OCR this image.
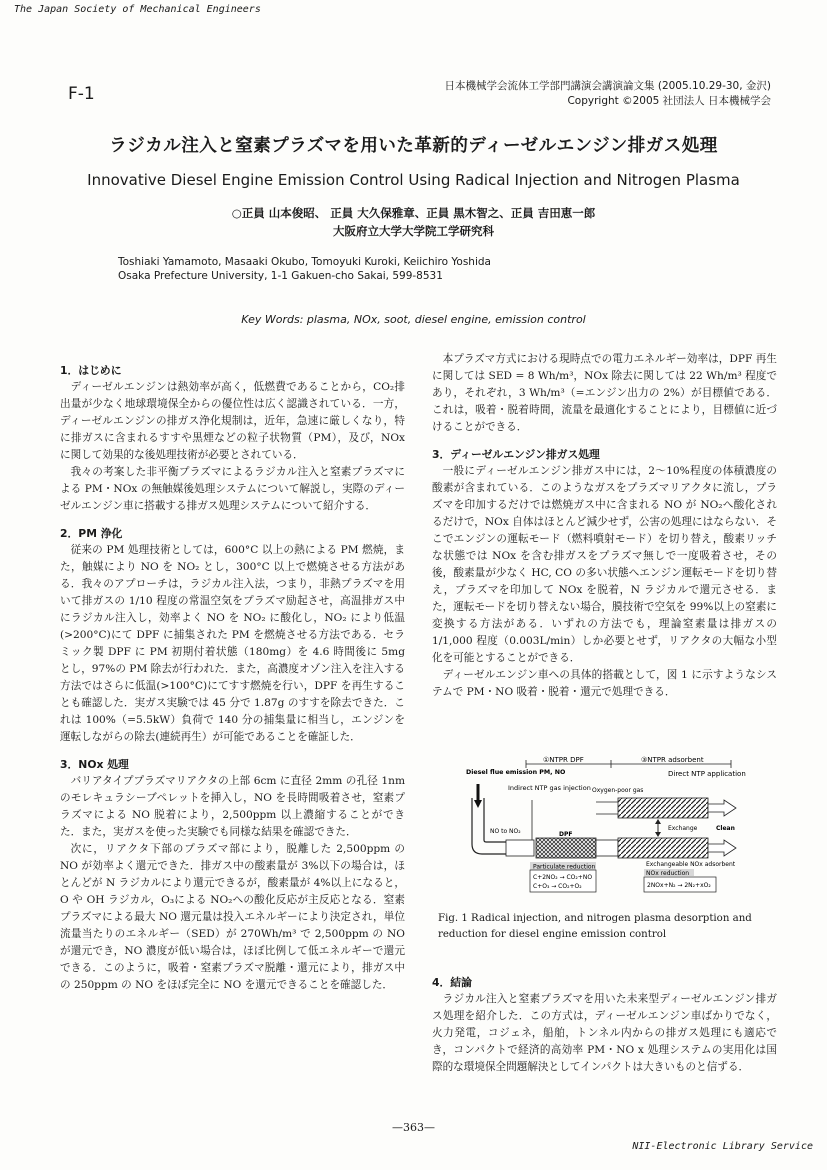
The Japan Society of Mechanical Engineers
F-1	日本機械学会流体工学部門講演会講演論文集 (2005.10.29-30, 金沢)
Copyright ©2005 社団法人 日本機械学会
ラジカル注入と窒素プラズマを用いた革新的ディーゼルエンジン排ガス処理
Innovative Diesel Engine Emission Control Using Radical Injection and Nitrogen Plasma
○正員 山本俊昭、 正員 大久保雅章、正員 黒木智之、正員 吉田恵一郎
大阪府立大学大学院工学研究科
Toshiaki Yamamoto, Masaaki Okubo, Tomoyuki Kuroki, Keiichiro Yoshida
Osaka Prefecture University, 1-1 Gakuen-cho Sakai, 599-8531
Key Words: plasma, NOx, soot, diesel engine, emission control

1．はじめに

ディーゼルエンジンは熱効率が高く，低燃費であることから，CO₂排出量が少なく地球環境保全からの優位性は広く認識されている．一方，ディーゼルエンジンの排ガス浄化規制は，近年，急速に厳しくなり，特に排ガスに含まれるすすや黒煙などの粒子状物質（PM），及び，NOx に関して効果的な後処理技術が必要とされている．

我々の考案した非平衡プラズマによるラジカル注入と窒素プラズマによる PM・NOx の無触媒後処理システムについて解説し，実際のディーゼルエンジン車に搭載する排ガス処理システムについて紹介する．

2．PM 浄化

従来の PM 処理技術としては，600°C 以上の熱による PM 燃焼，また，触媒により NO を NO₂ とし，300°C 以上で燃焼させる方法がある．我々のアプローチは，ラジカル注入法，つまり，非熱プラズマを用いて排ガスの 1/10 程度の常温空気をプラズマ励起させ，高温排ガス中にラジカル注入し，効率よく NO を NO₂ に酸化し，NO₂ により低温(>200°C)にて DPF に捕集された PM を燃焼させる方法である．セラミック製 DPF に PM 初期付着状態（180mg）を 4.6 時間後に 5mg とし，97%の PM 除去が行われた．また，高濃度オゾン注入を注入する方法ではさらに低温(>100°C)にてすす燃焼を行い，DPF を再生することも確認した．実ガス実験では 45 分で 1.87g のすすを除去できた．これは 100%（=5.5kW）負荷で 140 分の捕集量に相当し，エンジンを運転しながらの除去(連続再生）が可能であることを確証した．

3．NOx 処理

バリアタイププラズマリアクタの上部 6cm に直径 2mm の孔径 1nm のモレキュラシーブペレットを挿入し，NO を長時間吸着させ，窒素プラズマによる NO 脱着により，2,500ppm 以上濃縮することができた．また，実ガスを使った実験でも同様な結果を確認できた．

次に，リアクタ下部のプラズマ部により，脱離した 2,500ppm の NO が効率よく還元できた．排ガス中の酸素量が 3%以下の場合は，ほとんどが N ラジカルにより還元できるが，酸素量が 4%以上になると，O や OH ラジカル，O₃による NO₂への酸化反応が主反応となる．窒素プラズマによる最大 NO 還元量は投入エネルギーにより決定され，単位流量当たりのエネルギー（SED）が 270Wh/m³ で 2,500ppm の NO が還元でき，NO 濃度が低い場合は，ほぼ比例して低エネルギーで還元できる．このように，吸着・窒素プラズマ脱離・還元により，排ガス中の 250ppm の NO をほぼ完全に NO を還元できることを確認した．

本プラズマ方式における現時点での電力エネルギー効率は，DPF 再生に関しては SED = 8 Wh/m³，NOx 除去に関しては 22 Wh/m³ 程度であり，それぞれ，3 Wh/m³（=エンジン出力の 2%）が目標値である．これは，吸着・脱着時間，流量を最適化することにより，目標値に近づけることができる．

3．ディーゼルエンジン排ガス処理

一般にディーゼルエンジン排ガス中には，2～10%程度の体積濃度の酸素が含まれている．このようなガスをプラズマリアクタに流し，プラズマを印加するだけでは燃焼ガス中に含まれる NO が NO₂へ酸化されるだけで，NOx 自体はほとんど減少せず，公害の処理にはならない．そこでエンジンの運転モード（燃料噴射モード）を切り替え，酸素リッチな状態では NOx を含む排ガスをプラズマ無しで一度吸着させ，その後，酸素量が少なく HC, CO の多い状態へエンジン運転モードを切り替え，プラズマを印加して NOx を脱着，N ラジカルで還元させる．また，運転モードを切り替えない場合，膜技術で空気を 99%以上の窒素に変換する方法がある．いずれの方法でも，理論窒素量は排ガスの 1/1,000 程度（0.003L/min）しか必要とせず，リアクタの大幅な小型化を可能とすることができる．

ディーゼルエンジン車への具体的搭載として，図 1 に示すようなシステムで PM・NO 吸着・脱着・還元で処理できる．

①NTPR DPF	③NTPR adsorbent
Diesel flue emission PM, NO
Indirect NTP gas injection
NO to NO₂	DPF
Oxygen-poor gas
Direct NTP application
Exchange	Clean
Particulate reduction
C+2NO₂ → CO₂+NO
C+O₃ → CO₂+O₂
Exchangeable NOx adsorbent
NOx reduction
2NOx+N₂ → 2N₂+xO₂
Fig. 1 Radical injection, and nitrogen plasma desorption and reduction for diesel engine emission control

4．結論

ラジカル注入と窒素プラズマを用いた未来型ディーゼルエンジン排ガス処理を紹介した．この方式は，ディーゼルエンジン車ばかりでなく，火力発電，コジェネ，船舶，トンネル内からの排ガス処理にも適応でき，コンパクトで経済的高効率 PM・NO x 処理システムの実用化は国際的な環境保全問題解決としてインパクトは大きいものと信ずる．

—363—
NII-Electronic Library Service
